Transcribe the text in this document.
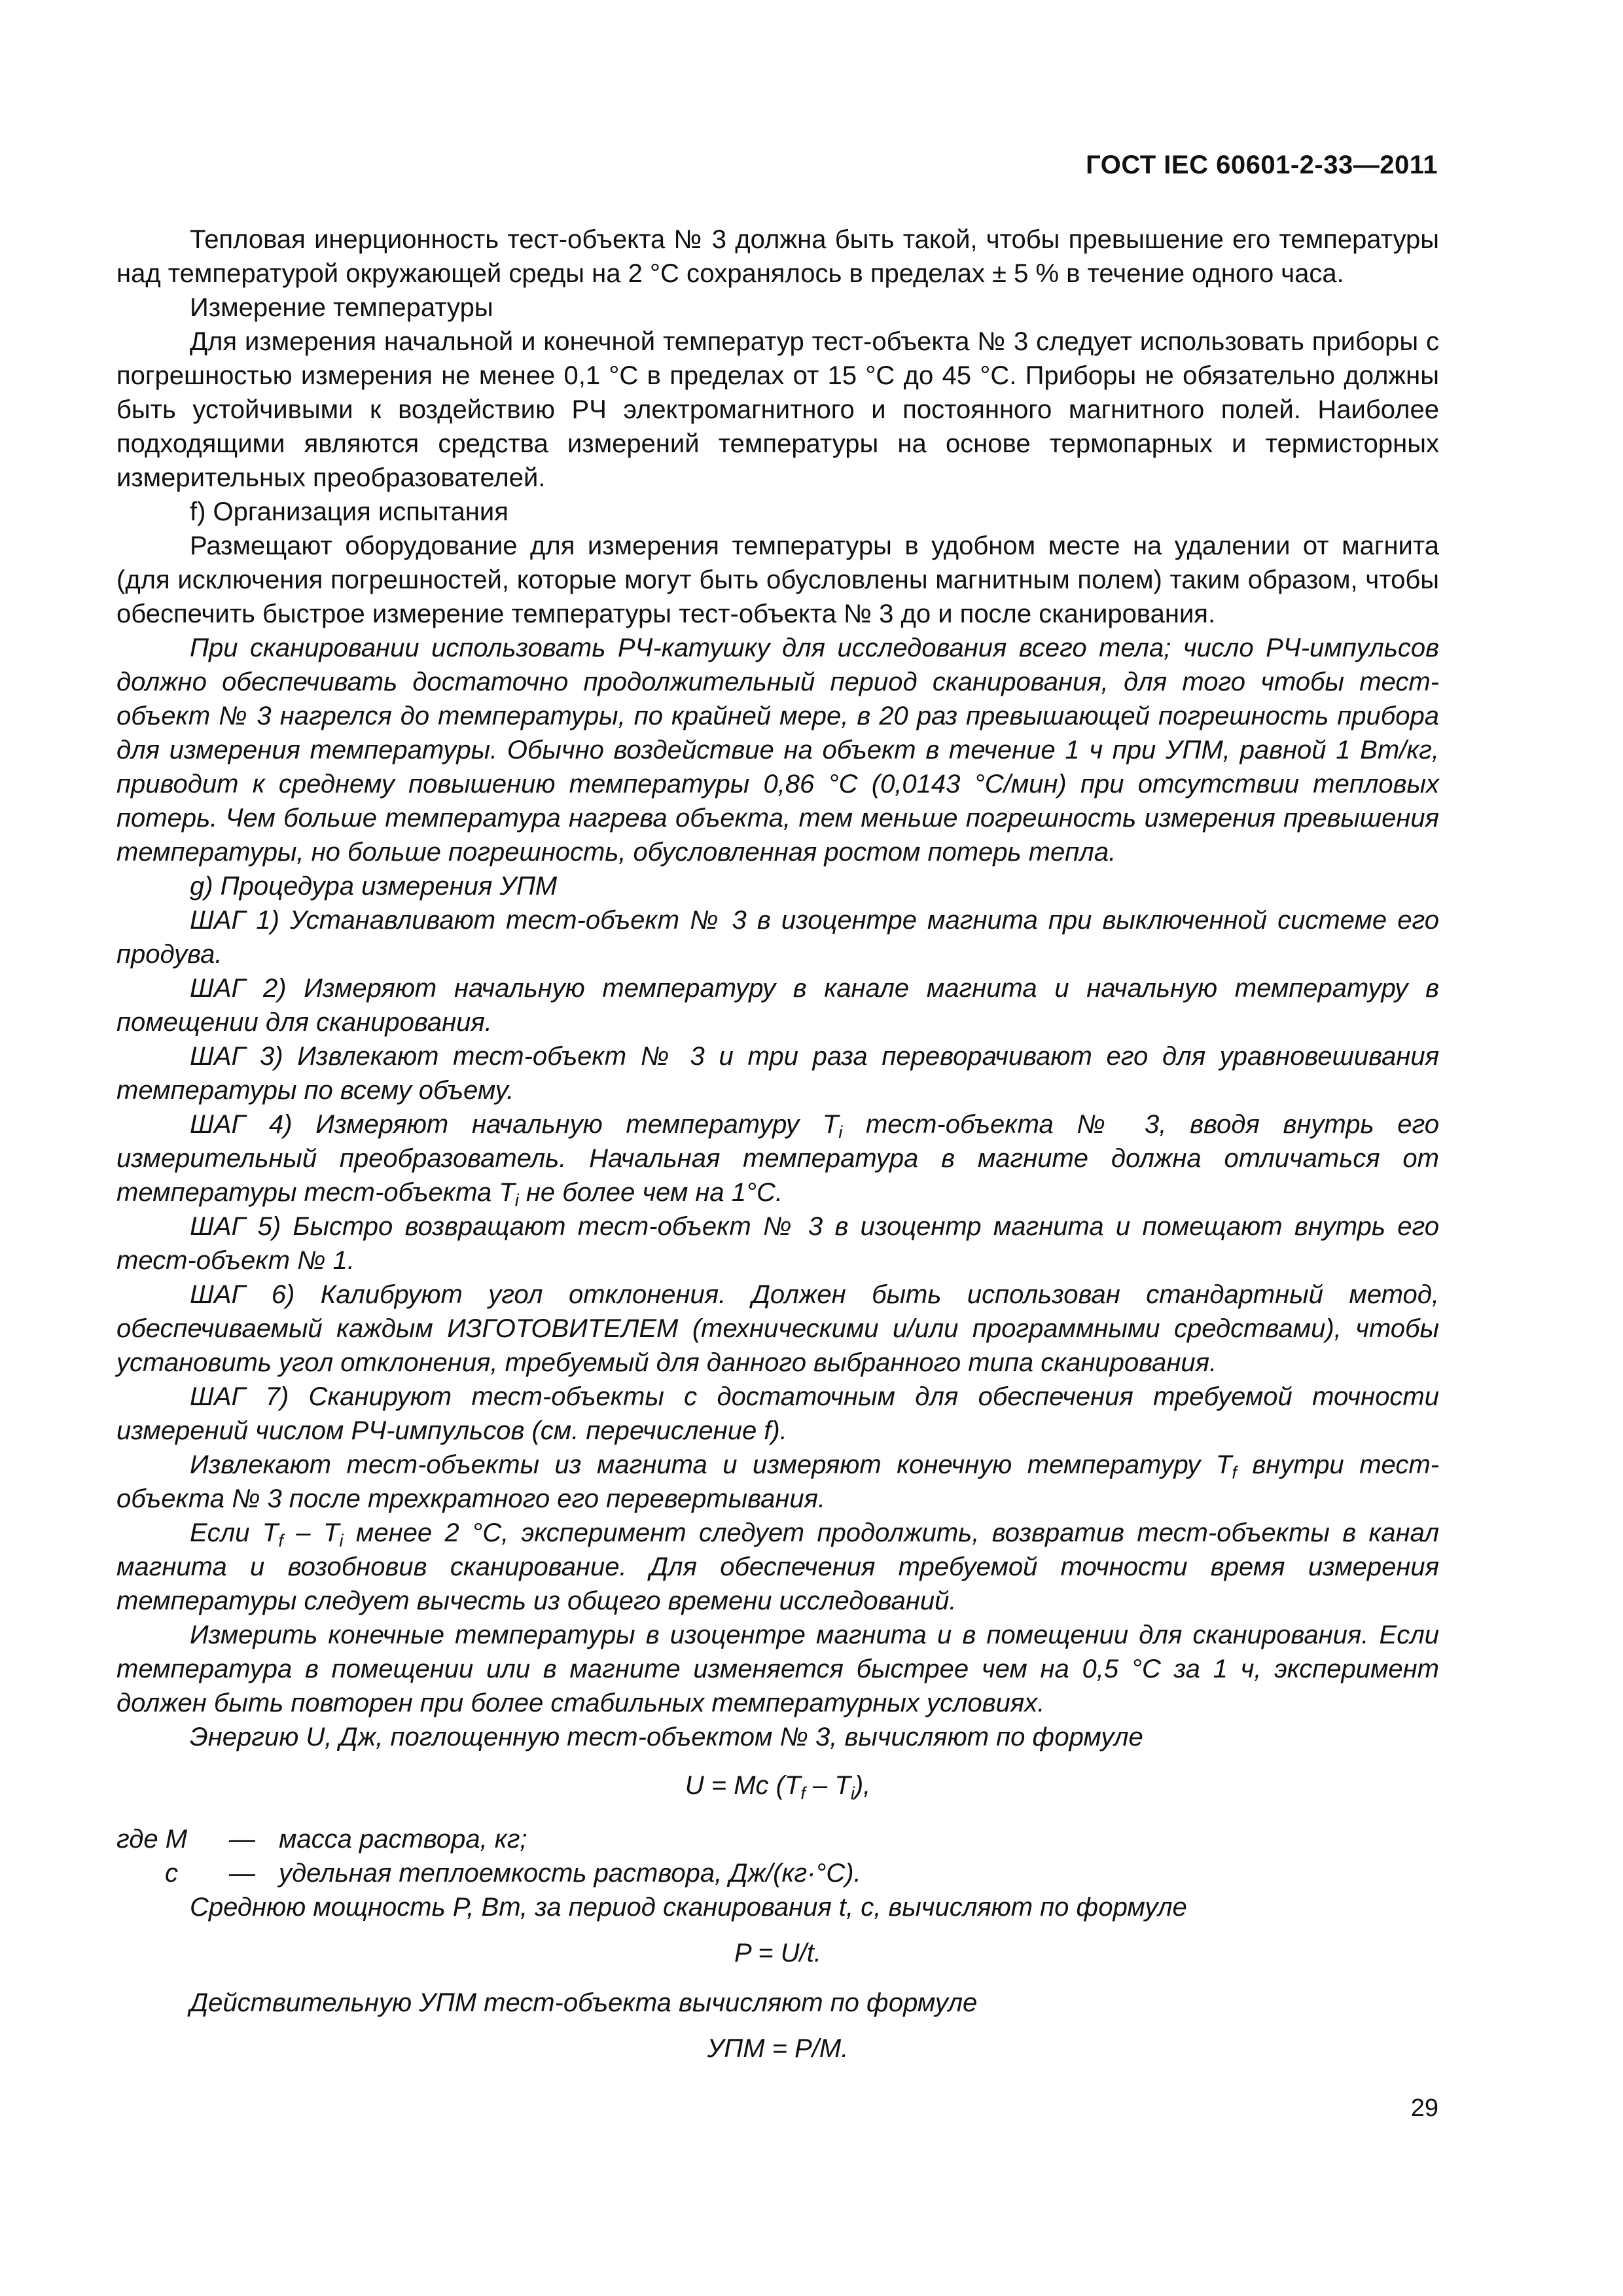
ГОСТ IEC 60601-2-33—2011

Тепловая инерционность тест-объекта № 3 должна быть такой, чтобы превышение его температуры над температурой окружающей среды на 2 °С сохранялось в пределах ± 5 % в течение одного часа.

Измерение температуры

Для измерения начальной и конечной температур тест-объекта № 3 следует использовать приборы с погрешностью измерения не менее 0,1 °С в пределах от 15 °С до 45 °С. Приборы не обязательно должны быть устойчивыми к воздействию РЧ электромагнитного и постоянного магнитного полей. Наиболее подходящими являются средства измерений температуры на основе термопарных и термисторных измерительных преобразователей.

f) Организация испытания

Размещают оборудование для измерения температуры в удобном месте на удалении от магнита (для исключения погрешностей, которые могут быть обусловлены магнитным полем) таким образом, чтобы обеспечить быстрое измерение температуры тест-объекта № 3 до и после сканирования.

При сканировании использовать РЧ-катушку для исследования всего тела; число РЧ-импульсов должно обеспечивать достаточно продолжительный период сканирования, для того чтобы тест-объект № 3 нагрелся до температуры, по крайней мере, в 20 раз превышающей погрешность прибора для измерения температуры. Обычно воздействие на объект в течение 1 ч при УПМ, равной 1 Вт/кг, приводит к среднему повышению температуры 0,86 °С (0,0143 °С/мин) при отсутствии тепловых потерь. Чем больше температура нагрева объекта, тем меньше погрешность измерения превышения температуры, но больше погрешность, обусловленная ростом потерь тепла.

g) Процедура измерения УПМ

ШАГ 1) Устанавливают тест-объект № 3 в изоцентре магнита при выключенной системе его продува.

ШАГ 2) Измеряют начальную температуру в канале магнита и начальную температуру в помещении для сканирования.

ШАГ 3) Извлекают тест-объект № 3 и три раза переворачивают его для уравновешивания температуры по всему объему.

ШАГ 4) Измеряют начальную температуру $T_i$ тест-объекта № 3, вводя внутрь его измерительный преобразователь. Начальная температура в магните должна отличаться от температуры тест-объекта $T_i$ не более чем на 1°С.

ШАГ 5) Быстро возвращают тест-объект № 3 в изоцентр магнита и помещают внутрь его тест-объект № 1.

ШАГ 6) Калибруют угол отклонения. Должен быть использован стандартный метод, обеспечиваемый каждым ИЗГОТОВИТЕЛЕМ (техническими и/или программными средствами), чтобы установить угол отклонения, требуемый для данного выбранного типа сканирования.

ШАГ 7) Сканируют тест-объекты с достаточным для обеспечения требуемой точности измерений числом РЧ-импульсов (см. перечисление f).

Извлекают тест-объекты из магнита и измеряют конечную температуру $T_f$ внутри тест-объекта № 3 после трехкратного его перевертывания.

Если $T_f - T_i$ менее 2 °С, эксперимент следует продолжить, возвратив тест-объекты в канал магнита и возобновив сканирование. Для обеспечения требуемой точности время измерения температуры следует вычесть из общего времени исследований.

Измерить конечные температуры в изоцентре магнита и в помещении для сканирования. Если температура в помещении или в магните изменяется быстрее чем на 0,5 °С за 1 ч, эксперимент должен быть повторен при более стабильных температурных условиях.

Энергию U, Дж, поглощенную тест-объектом № 3, вычисляют по формуле

U = Mc $(T_f - T_i)$,

где M	— масса раствора, кг;
c	— удельная теплоемкость раствора, Дж/(кг·°С).

Среднюю мощность P, Вт, за период сканирования t, с, вычисляют по формуле

P = U/t.

Действительную УПМ тест-объекта вычисляют по формуле

УПМ = P/M.

29
